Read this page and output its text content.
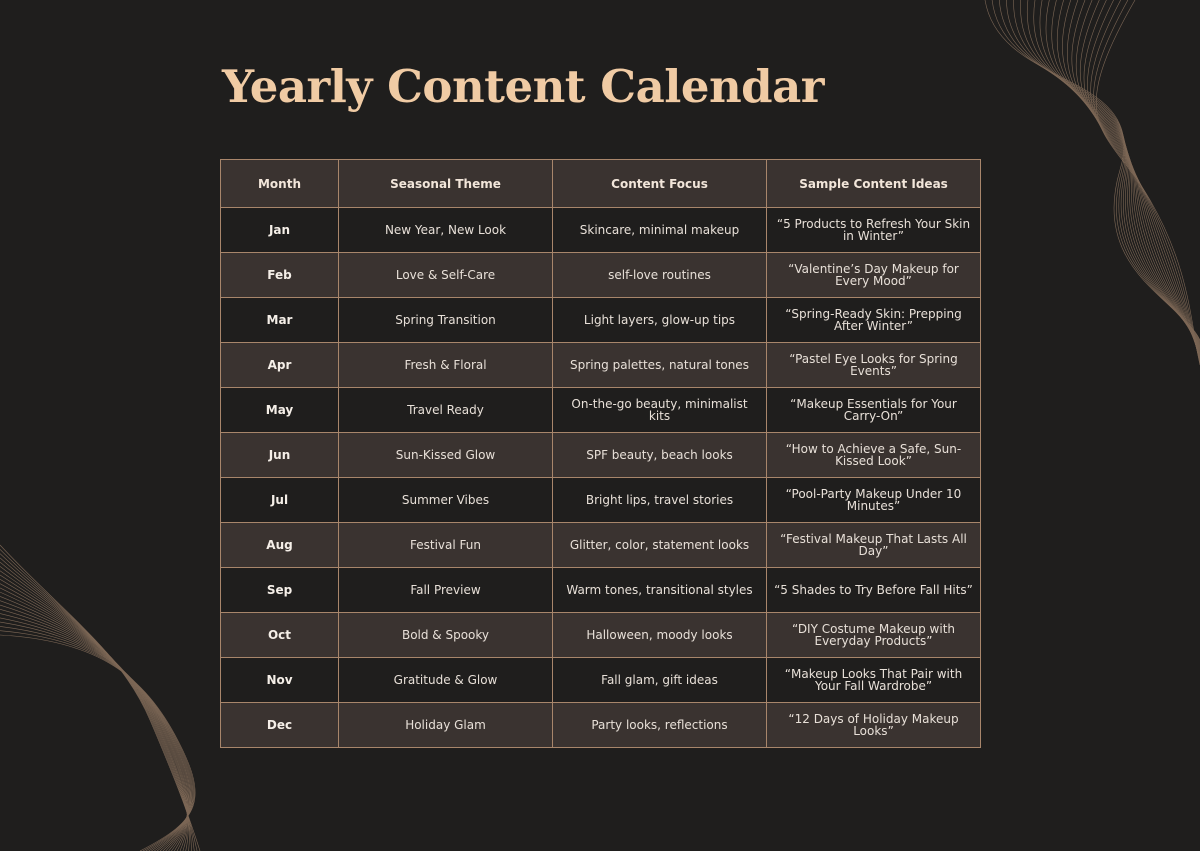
Yearly Content Calendar
Month	Seasonal Theme	Content Focus	Sample Content Ideas
Jan	New Year, New Look	Skincare, minimal makeup	“5 Products to Refresh Your Skin in Winter”
Feb	Love & Self-Care	self-love routines	“Valentine’s Day Makeup for Every Mood”
Mar	Spring Transition	Light layers, glow-up tips	“Spring-Ready Skin: Prepping After Winter”
Apr	Fresh & Floral	Spring palettes, natural tones	“Pastel Eye Looks for Spring Events”
May	Travel Ready	On-the-go beauty, minimalist kits	“Makeup Essentials for Your Carry-On”
Jun	Sun-Kissed Glow	SPF beauty, beach looks	“How to Achieve a Safe, Sun-Kissed Look”
Jul	Summer Vibes	Bright lips, travel stories	“Pool-Party Makeup Under 10 Minutes”
Aug	Festival Fun	Glitter, color, statement looks	“Festival Makeup That Lasts All Day”
Sep	Fall Preview	Warm tones, transitional styles	“5 Shades to Try Before Fall Hits”
Oct	Bold & Spooky	Halloween, moody looks	“DIY Costume Makeup with Everyday Products”
Nov	Gratitude & Glow	Fall glam, gift ideas	“Makeup Looks That Pair with Your Fall Wardrobe”
Dec	Holiday Glam	Party looks, reflections	“12 Days of Holiday Makeup Looks”
